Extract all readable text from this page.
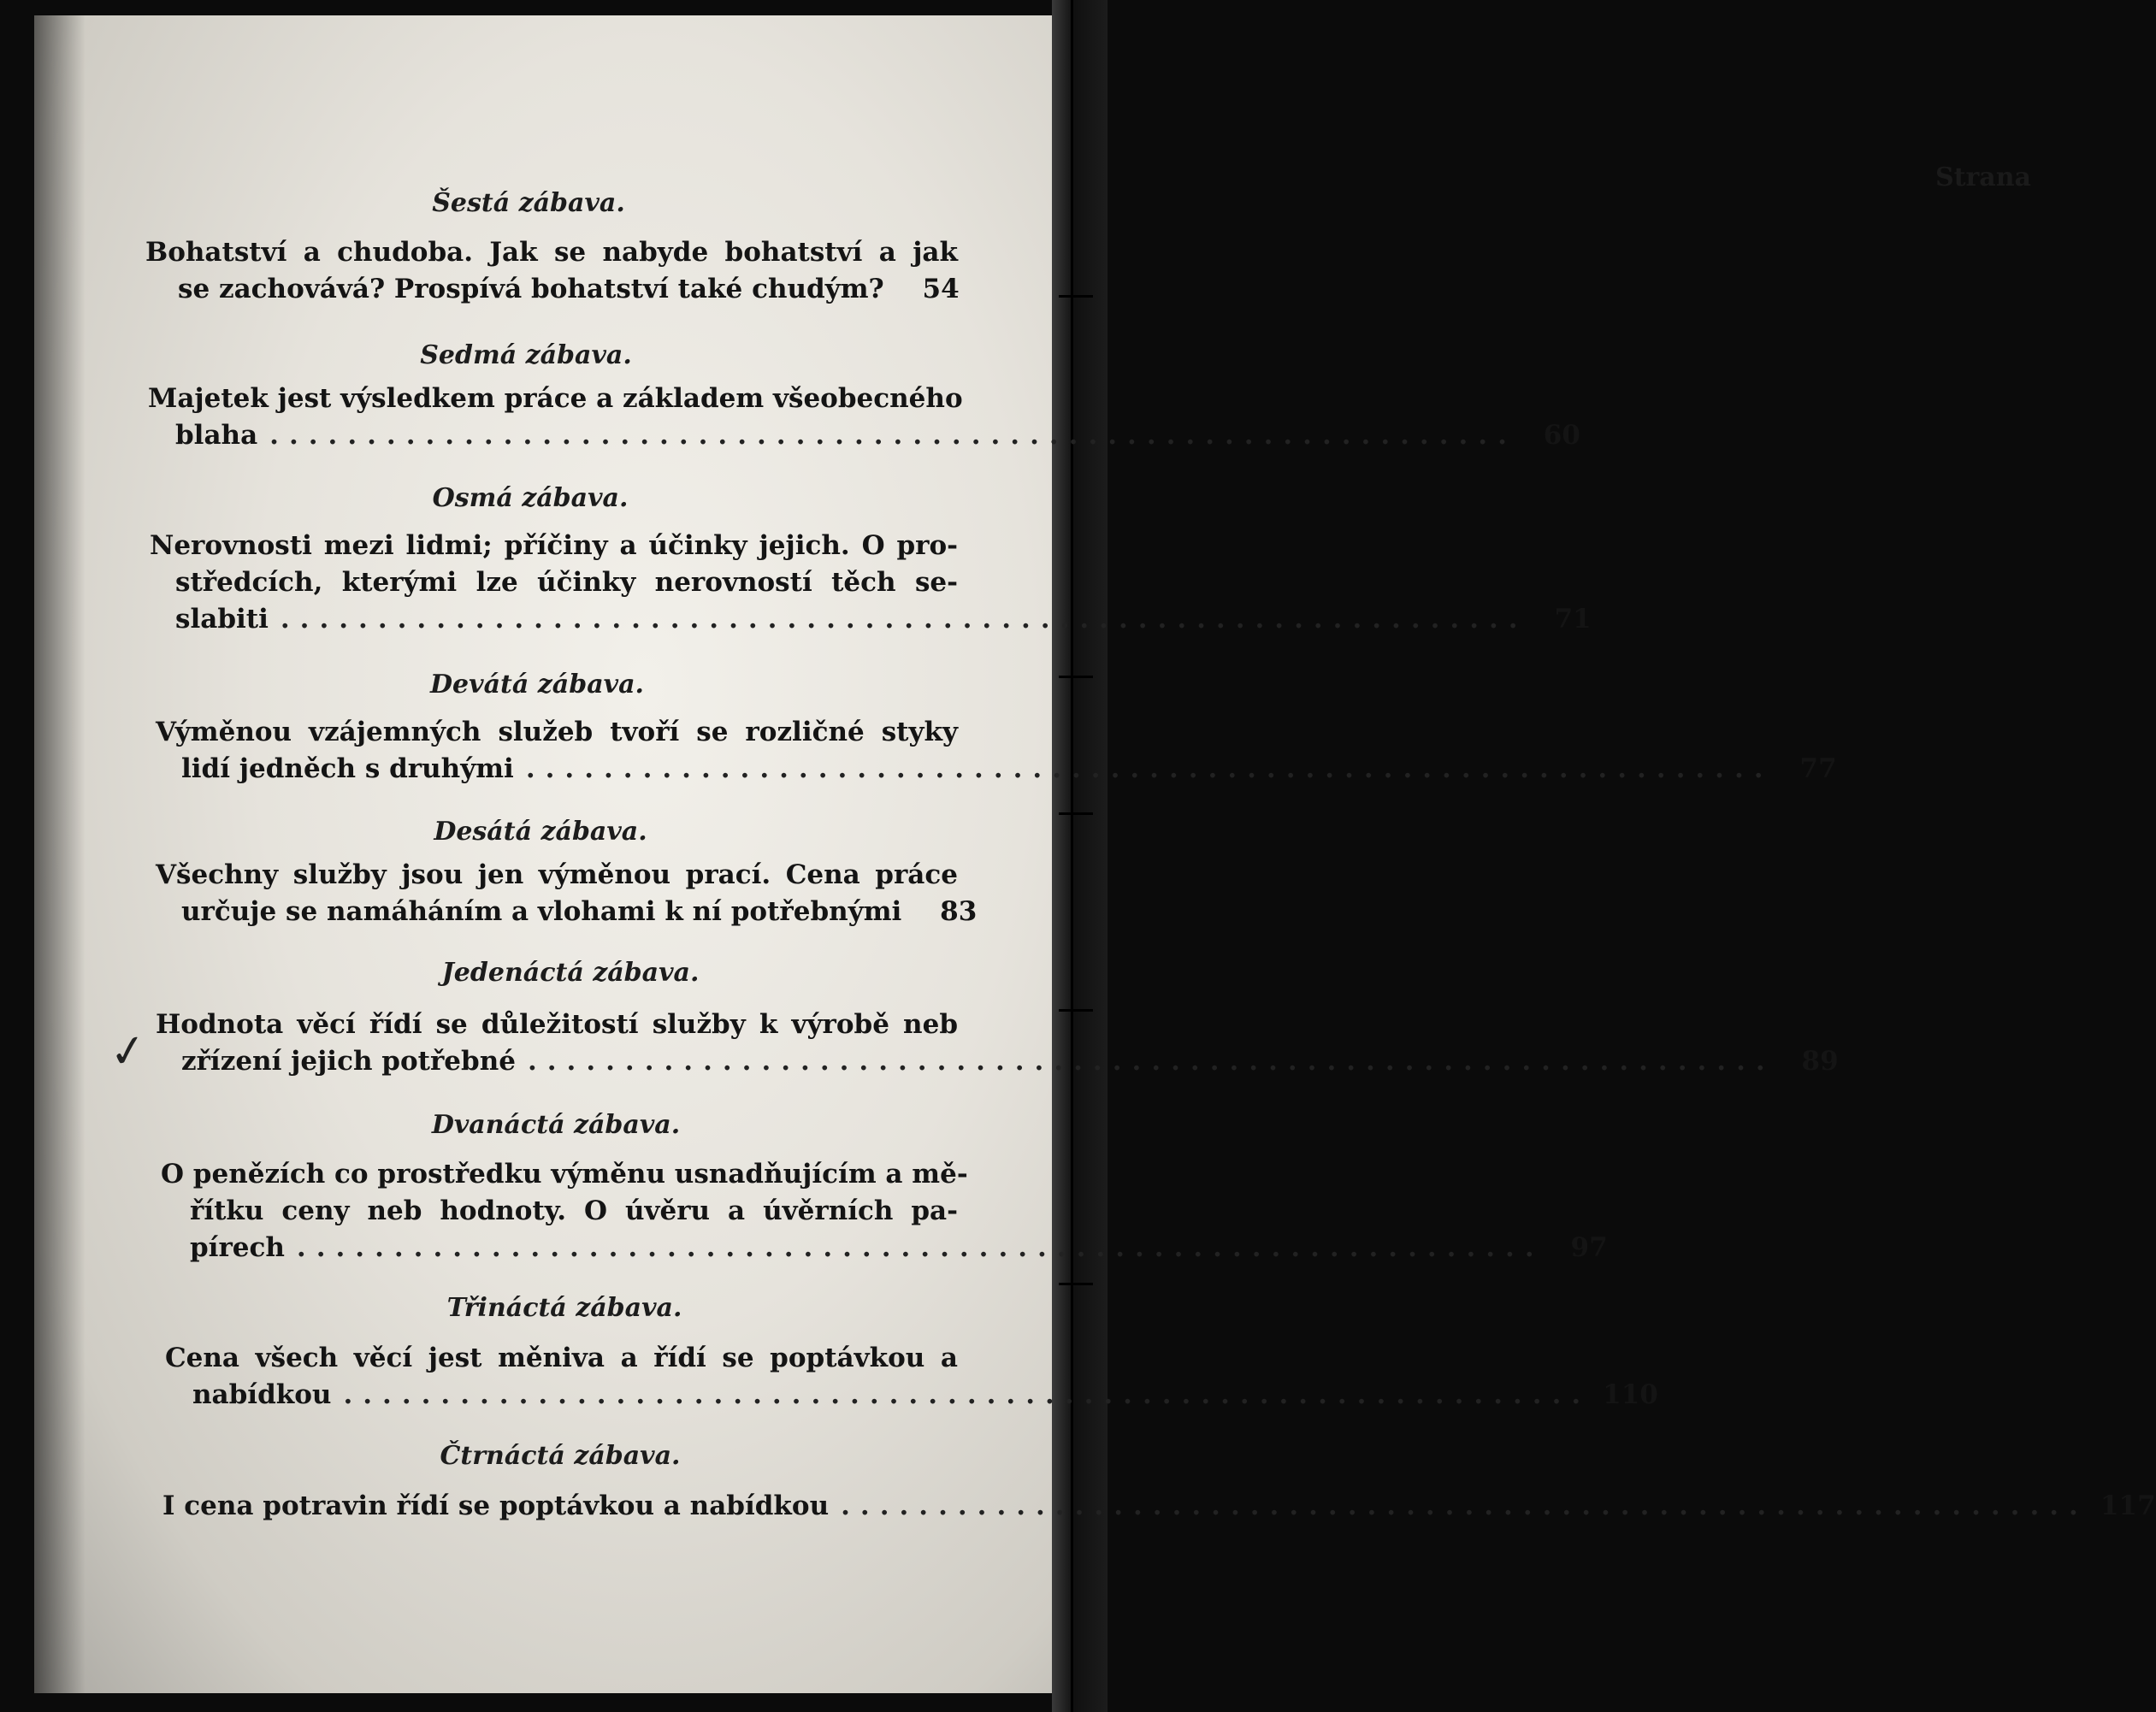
Strana
✓
Šestá zábava.
Bohatství a chudoba. Jak se nabyde bohatství a jak
se zachovává? Prospívá bohatství také chudým?	54
Sedmá zábava.
Majetek jest výsledkem práce a základem všeobecného
blaha ................................................................ 60
Osmá zábava.
Nerovnosti mezi lidmi; příčiny a účinky jejich. O pro-
středcích, kterými lze účinky nerovností těch se-
slabiti ................................................................ 71
Devátá zábava.
Výměnou vzájemných služeb tvoří se rozličné styky
lidí jedněch s druhými ................................................................ 77
Desátá zábava.
Všechny služby jsou jen výměnou prací. Cena práce
určuje se namáháním a vlohami k ní potřebnými	83
Jedenáctá zábava.
Hodnota věcí řídí se důležitostí služby k výrobě neb
zřízení jejich potřebné ................................................................ 89
Dvanáctá zábava.
O penězích co prostředku výměnu usnadňujícím a mě-
řítku ceny neb hodnoty. O úvěru a úvěrních pa-
pírech ................................................................ 97
Třináctá zábava.
Cena všech věcí jest měniva a řídí se poptávkou a
nabídkou ................................................................ 110
Čtrnáctá zábava.
I cena potravin řídí se poptávkou a nabídkou ................................................................ 117
